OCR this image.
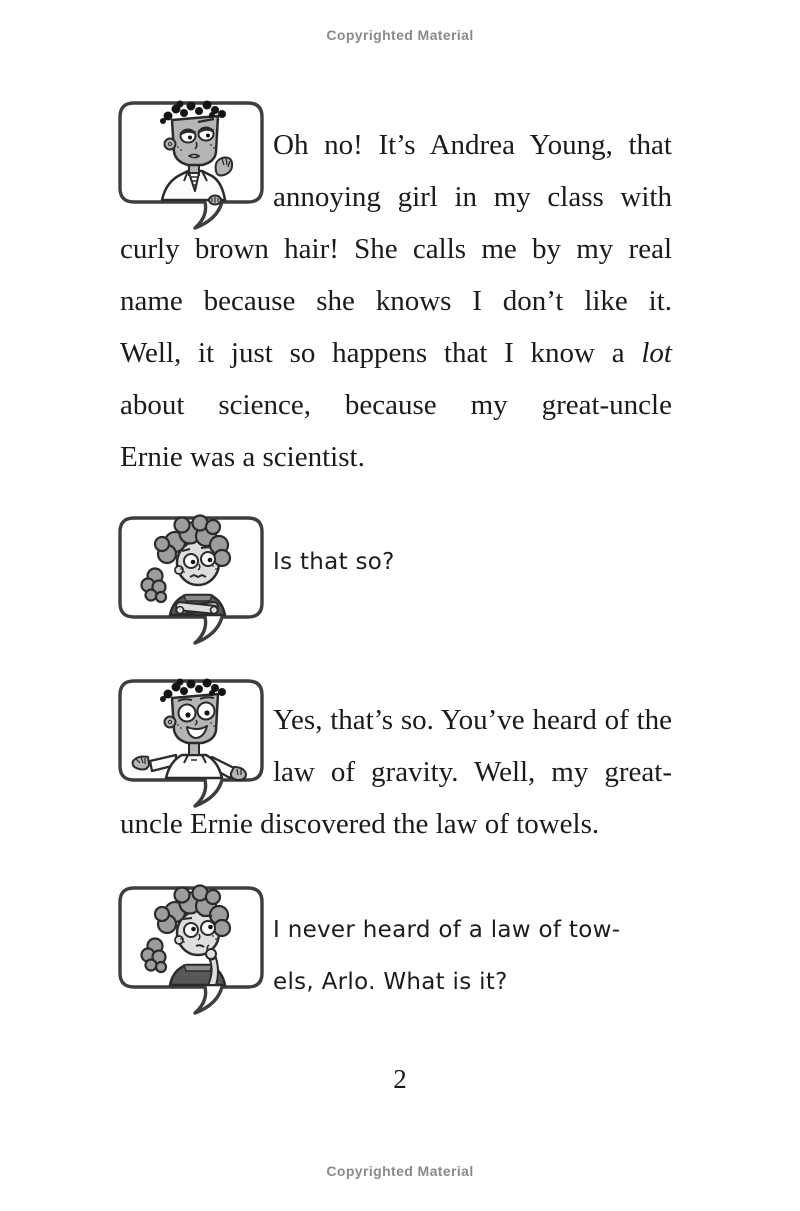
Copyrighted Material
Oh no! It’s Andrea Young, that
annoying girl in my class with
curly brown hair! She calls me by my real
name because she knows I don’t like it.
Well, it just so happens that I know a lot
about science, because my great-uncle
Ernie was a scientist.
Is that so?
Yes, that’s so. You’ve heard of the
law of gravity. Well, my great-
uncle Ernie discovered the law of towels.
I never heard of a law of tow-
els, Arlo. What is it?
2
Copyrighted Material
